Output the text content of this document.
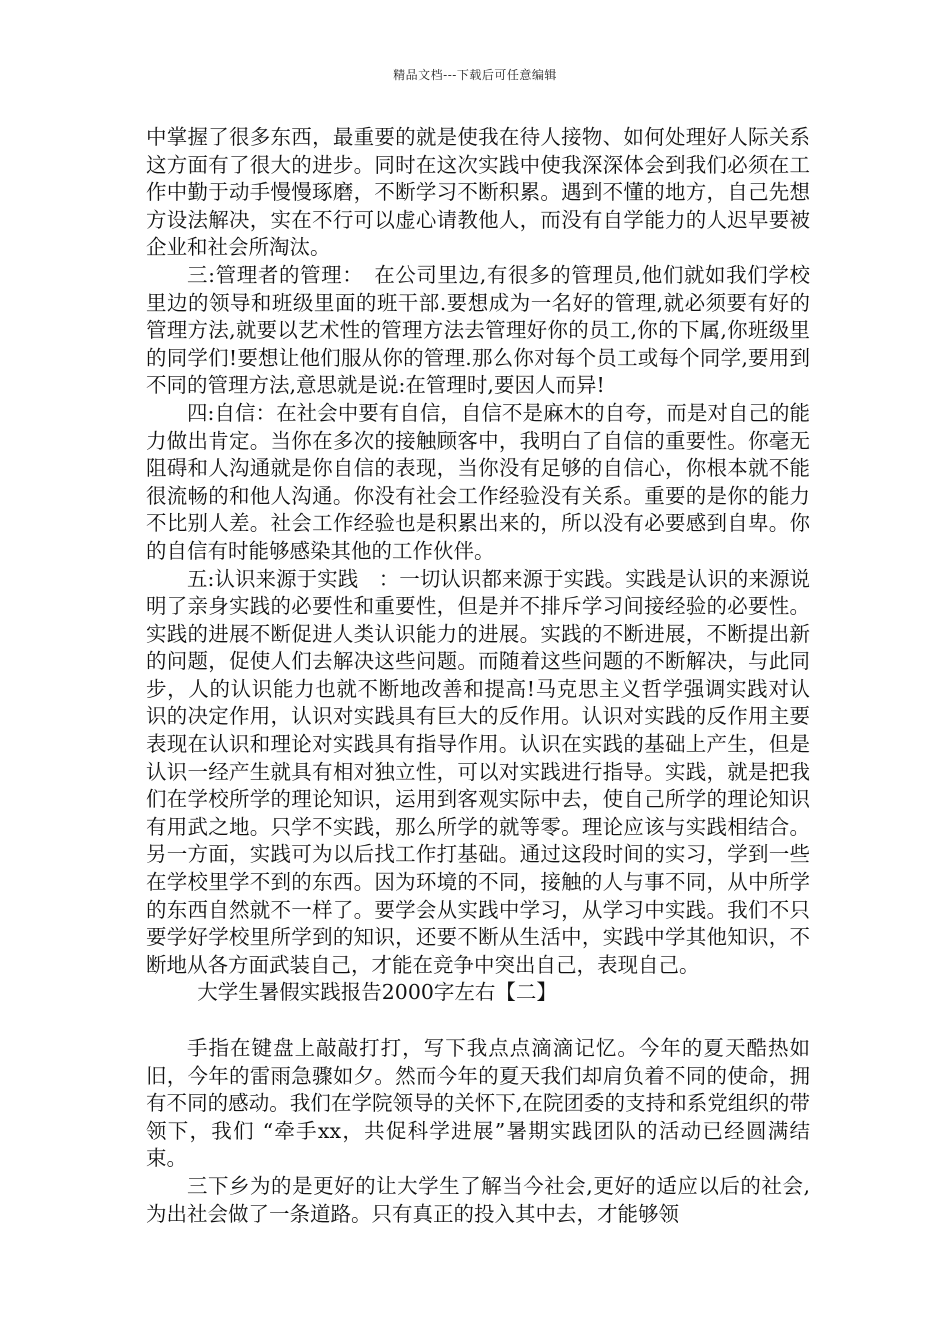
精品文档---下载后可任意编辑

中掌握了很多东西，最重要的就是使我在待人接物、如何处理好人际关系这方面有了很大的进步。同时在这次实践中使我深深体会到我们必须在工作中勤于动手慢慢琢磨，不断学习不断积累。遇到不懂的地方，自己先想方设法解决，实在不行可以虚心请教他人，而没有自学能力的人迟早要被企业和社会所淘汰。

三:管理者的管理：　在公司里边,有很多的管理员,他们就如我们学校里边的领导和班级里面的班干部.要想成为一名好的管理,就必须要有好的管理方法,就要以艺术性的管理方法去管理好你的员工,你的下属,你班级里的同学们!要想让他们服从你的管理.那么你对每个员工或每个同学,要用到不同的管理方法,意思就是说:在管理时,要因人而异!

四:自信：在社会中要有自信，自信不是麻木的自夸，而是对自己的能力做出肯定。当你在多次的接触顾客中，我明白了自信的重要性。你毫无阻碍和人沟通就是你自信的表现，当你没有足够的自信心，你根本就不能很流畅的和他人沟通。你没有社会工作经验没有关系。重要的是你的能力不比别人差。社会工作经验也是积累出来的，所以没有必要感到自卑。你的自信有时能够感染其他的工作伙伴。

五:认识来源于实践　：一切认识都来源于实践。实践是认识的来源说明了亲身实践的必要性和重要性，但是并不排斥学习间接经验的必要性。实践的进展不断促进人类认识能力的进展。实践的不断进展，不断提出新的问题，促使人们去解决这些问题。而随着这些问题的不断解决，与此同步，人的认识能力也就不断地改善和提高!马克思主义哲学强调实践对认识的决定作用，认识对实践具有巨大的反作用。认识对实践的反作用主要表现在认识和理论对实践具有指导作用。认识在实践的基础上产生，但是认识一经产生就具有相对独立性，可以对实践进行指导。实践，就是把我们在学校所学的理论知识，运用到客观实际中去，使自己所学的理论知识有用武之地。只学不实践，那么所学的就等零。理论应该与实践相结合。另一方面，实践可为以后找工作打基础。通过这段时间的实习，学到一些在学校里学不到的东西。因为环境的不同，接触的人与事不同，从中所学的东西自然就不一样了。要学会从实践中学习，从学习中实践。我们不只要学好学校里所学到的知识，还要不断从生活中，实践中学其他知识，不断地从各方面武装自己，才能在竞争中突出自己，表现自己。

大学生暑假实践报告2000字左右【二】

手指在键盘上敲敲打打，写下我点点滴滴记忆。今年的夏天酷热如旧，今年的雷雨急骤如夕。然而今年的夏天我们却肩负着不同的使命，拥有不同的感动。我们在学院领导的关怀下,在院团委的支持和系党组织的带领下，我们 “牵手xx，共促科学进展”暑期实践团队的活动已经圆满结束。

三下乡为的是更好的让大学生了解当今社会,更好的适应以后的社会,为出社会做了一条道路。只有真正的投入其中去，才能够领
